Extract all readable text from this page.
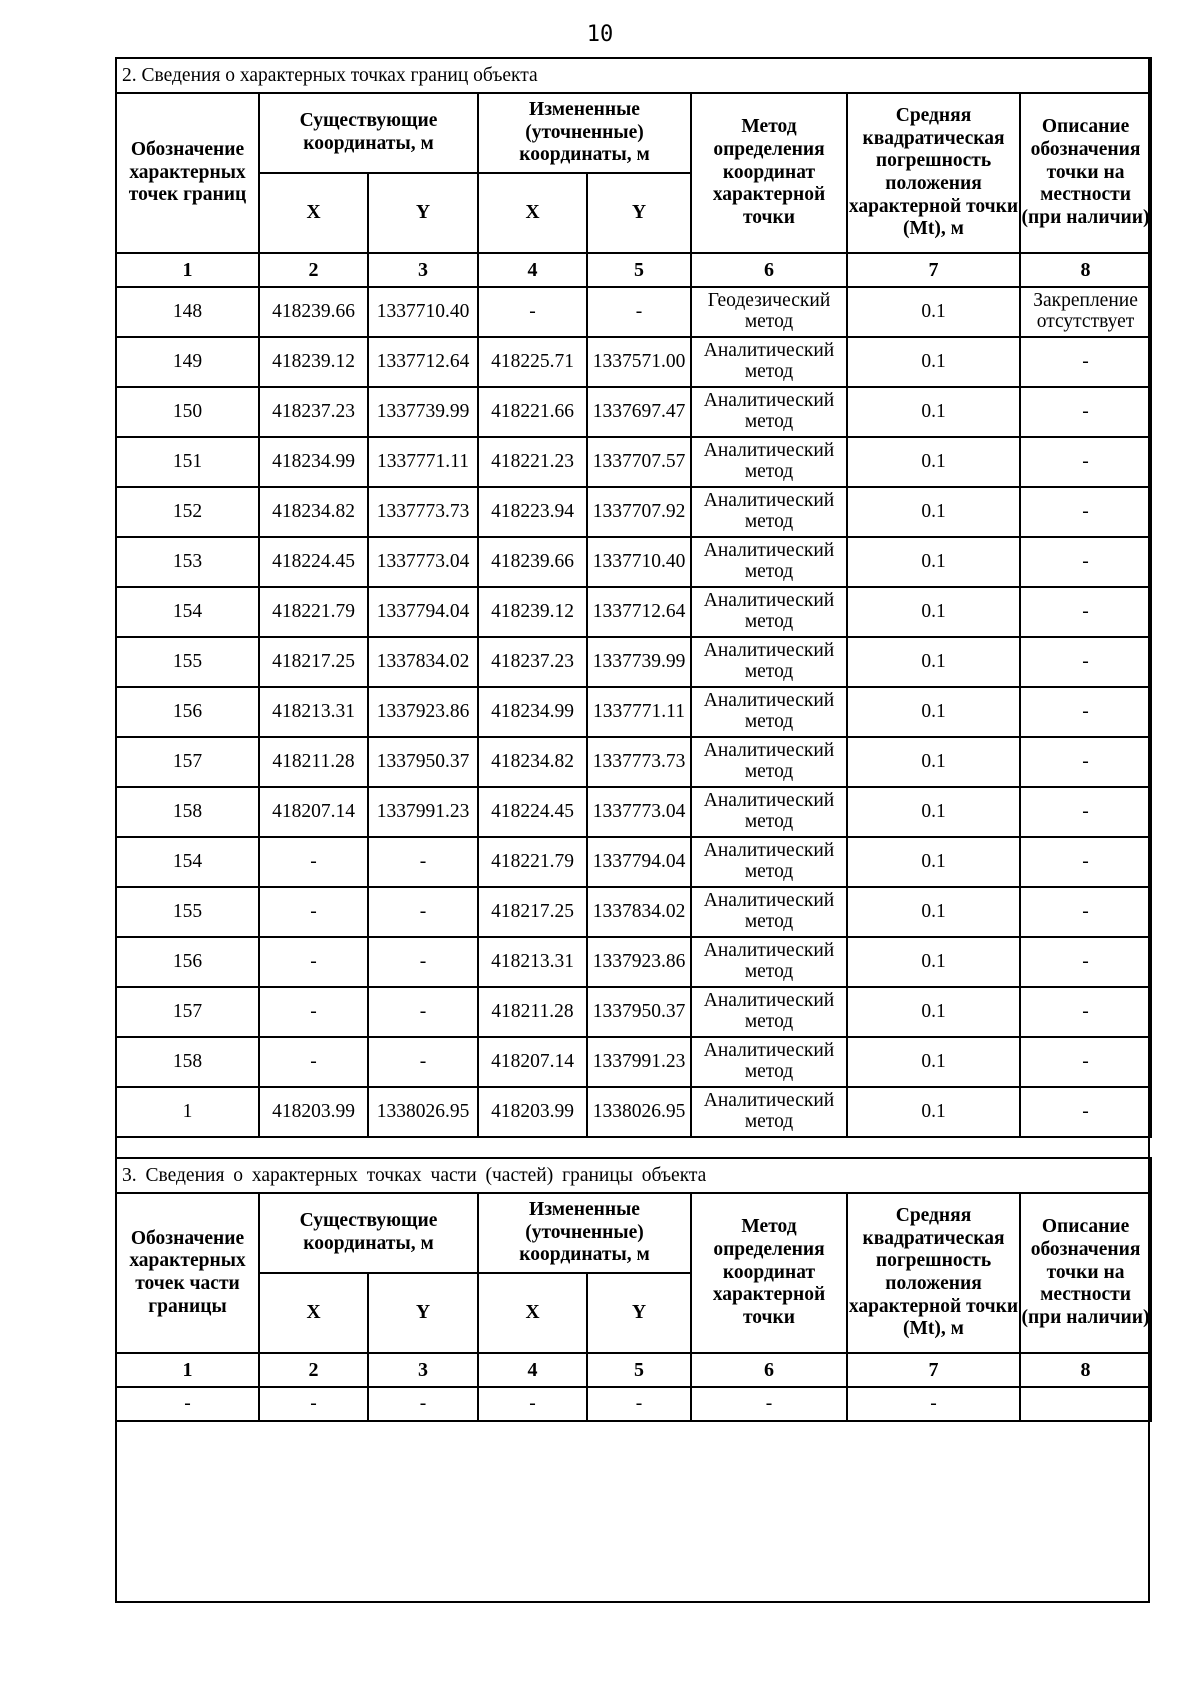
10
2. Сведения о характерных точках границ объекта							
Обозначение характерных точек границ	Существующие координаты, м		Измененные (уточненные) координаты, м		Метод определения координат характерной точки	Средняя квадратическая погрешность положения характерной точки (Mt), м	Описание обозначения точки на местности (при наличии)
	X	Y	X	Y			
1	2	3	4	5	6	7	8
148	418239.66	1337710.40	-	-	Геодезический метод	0.1	Закрепление отсутствует
149	418239.12	1337712.64	418225.71	1337571.00	Аналитический метод	0.1	-
150	418237.23	1337739.99	418221.66	1337697.47	Аналитический метод	0.1	-
151	418234.99	1337771.11	418221.23	1337707.57	Аналитический метод	0.1	-
152	418234.82	1337773.73	418223.94	1337707.92	Аналитический метод	0.1	-
153	418224.45	1337773.04	418239.66	1337710.40	Аналитический метод	0.1	-
154	418221.79	1337794.04	418239.12	1337712.64	Аналитический метод	0.1	-
155	418217.25	1337834.02	418237.23	1337739.99	Аналитический метод	0.1	-
156	418213.31	1337923.86	418234.99	1337771.11	Аналитический метод	0.1	-
157	418211.28	1337950.37	418234.82	1337773.73	Аналитический метод	0.1	-
158	418207.14	1337991.23	418224.45	1337773.04	Аналитический метод	0.1	-
154	-	-	418221.79	1337794.04	Аналитический метод	0.1	-
155	-	-	418217.25	1337834.02	Аналитический метод	0.1	-
156	-	-	418213.31	1337923.86	Аналитический метод	0.1	-
157	-	-	418211.28	1337950.37	Аналитический метод	0.1	-
158	-	-	418207.14	1337991.23	Аналитический метод	0.1	-
1	418203.99	1338026.95	418203.99	1338026.95	Аналитический метод	0.1	-
3. Сведения о характерных точках части (частей) границы объекта							
Обозначение характерных точек части границы	Существующие координаты, м		Измененные (уточненные) координаты, м		Метод определения координат характерной точки	Средняя квадратическая погрешность положения характерной точки (Mt), м	Описание обозначения точки на местности (при наличии)
	X	Y	X	Y			
1	2	3	4	5	6	7	8
-	-	-	-	-	-	-	
